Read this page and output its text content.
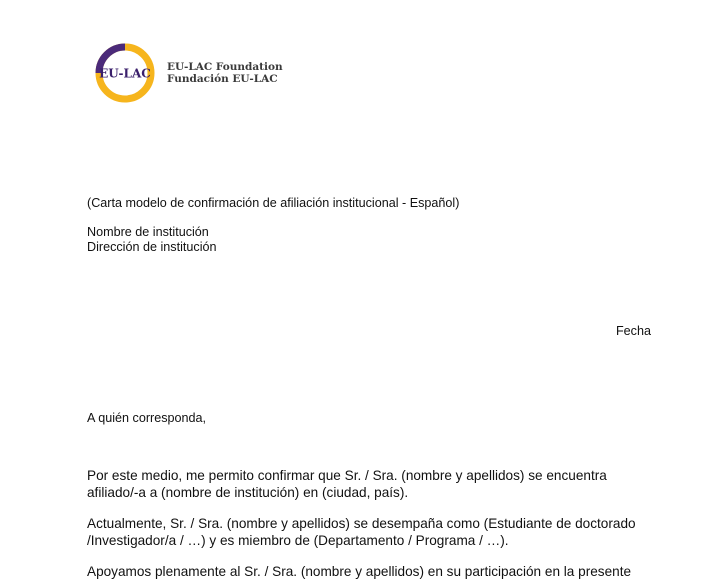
EU-LAC EU-LAC Foundation
Fundación EU-LAC
(Carta modelo de confirmación de afiliación institucional - Español)
Nombre de institución
Dirección de institución
Fecha
A quién corresponda,
Por este medio, me permito confirmar que Sr. / Sra. (nombre y apellidos) se encuentra
afiliado/-a a (nombre de institución) en (ciudad, país).
Actualmente, Sr. / Sra. (nombre y apellidos) se desempaña como (Estudiante de doctorado
/Investigador/a / …) y es miembro de (Departamento / Programa / …).
Apoyamos plenamente al Sr. / Sra. (nombre y apellidos) en su participación en la presente
